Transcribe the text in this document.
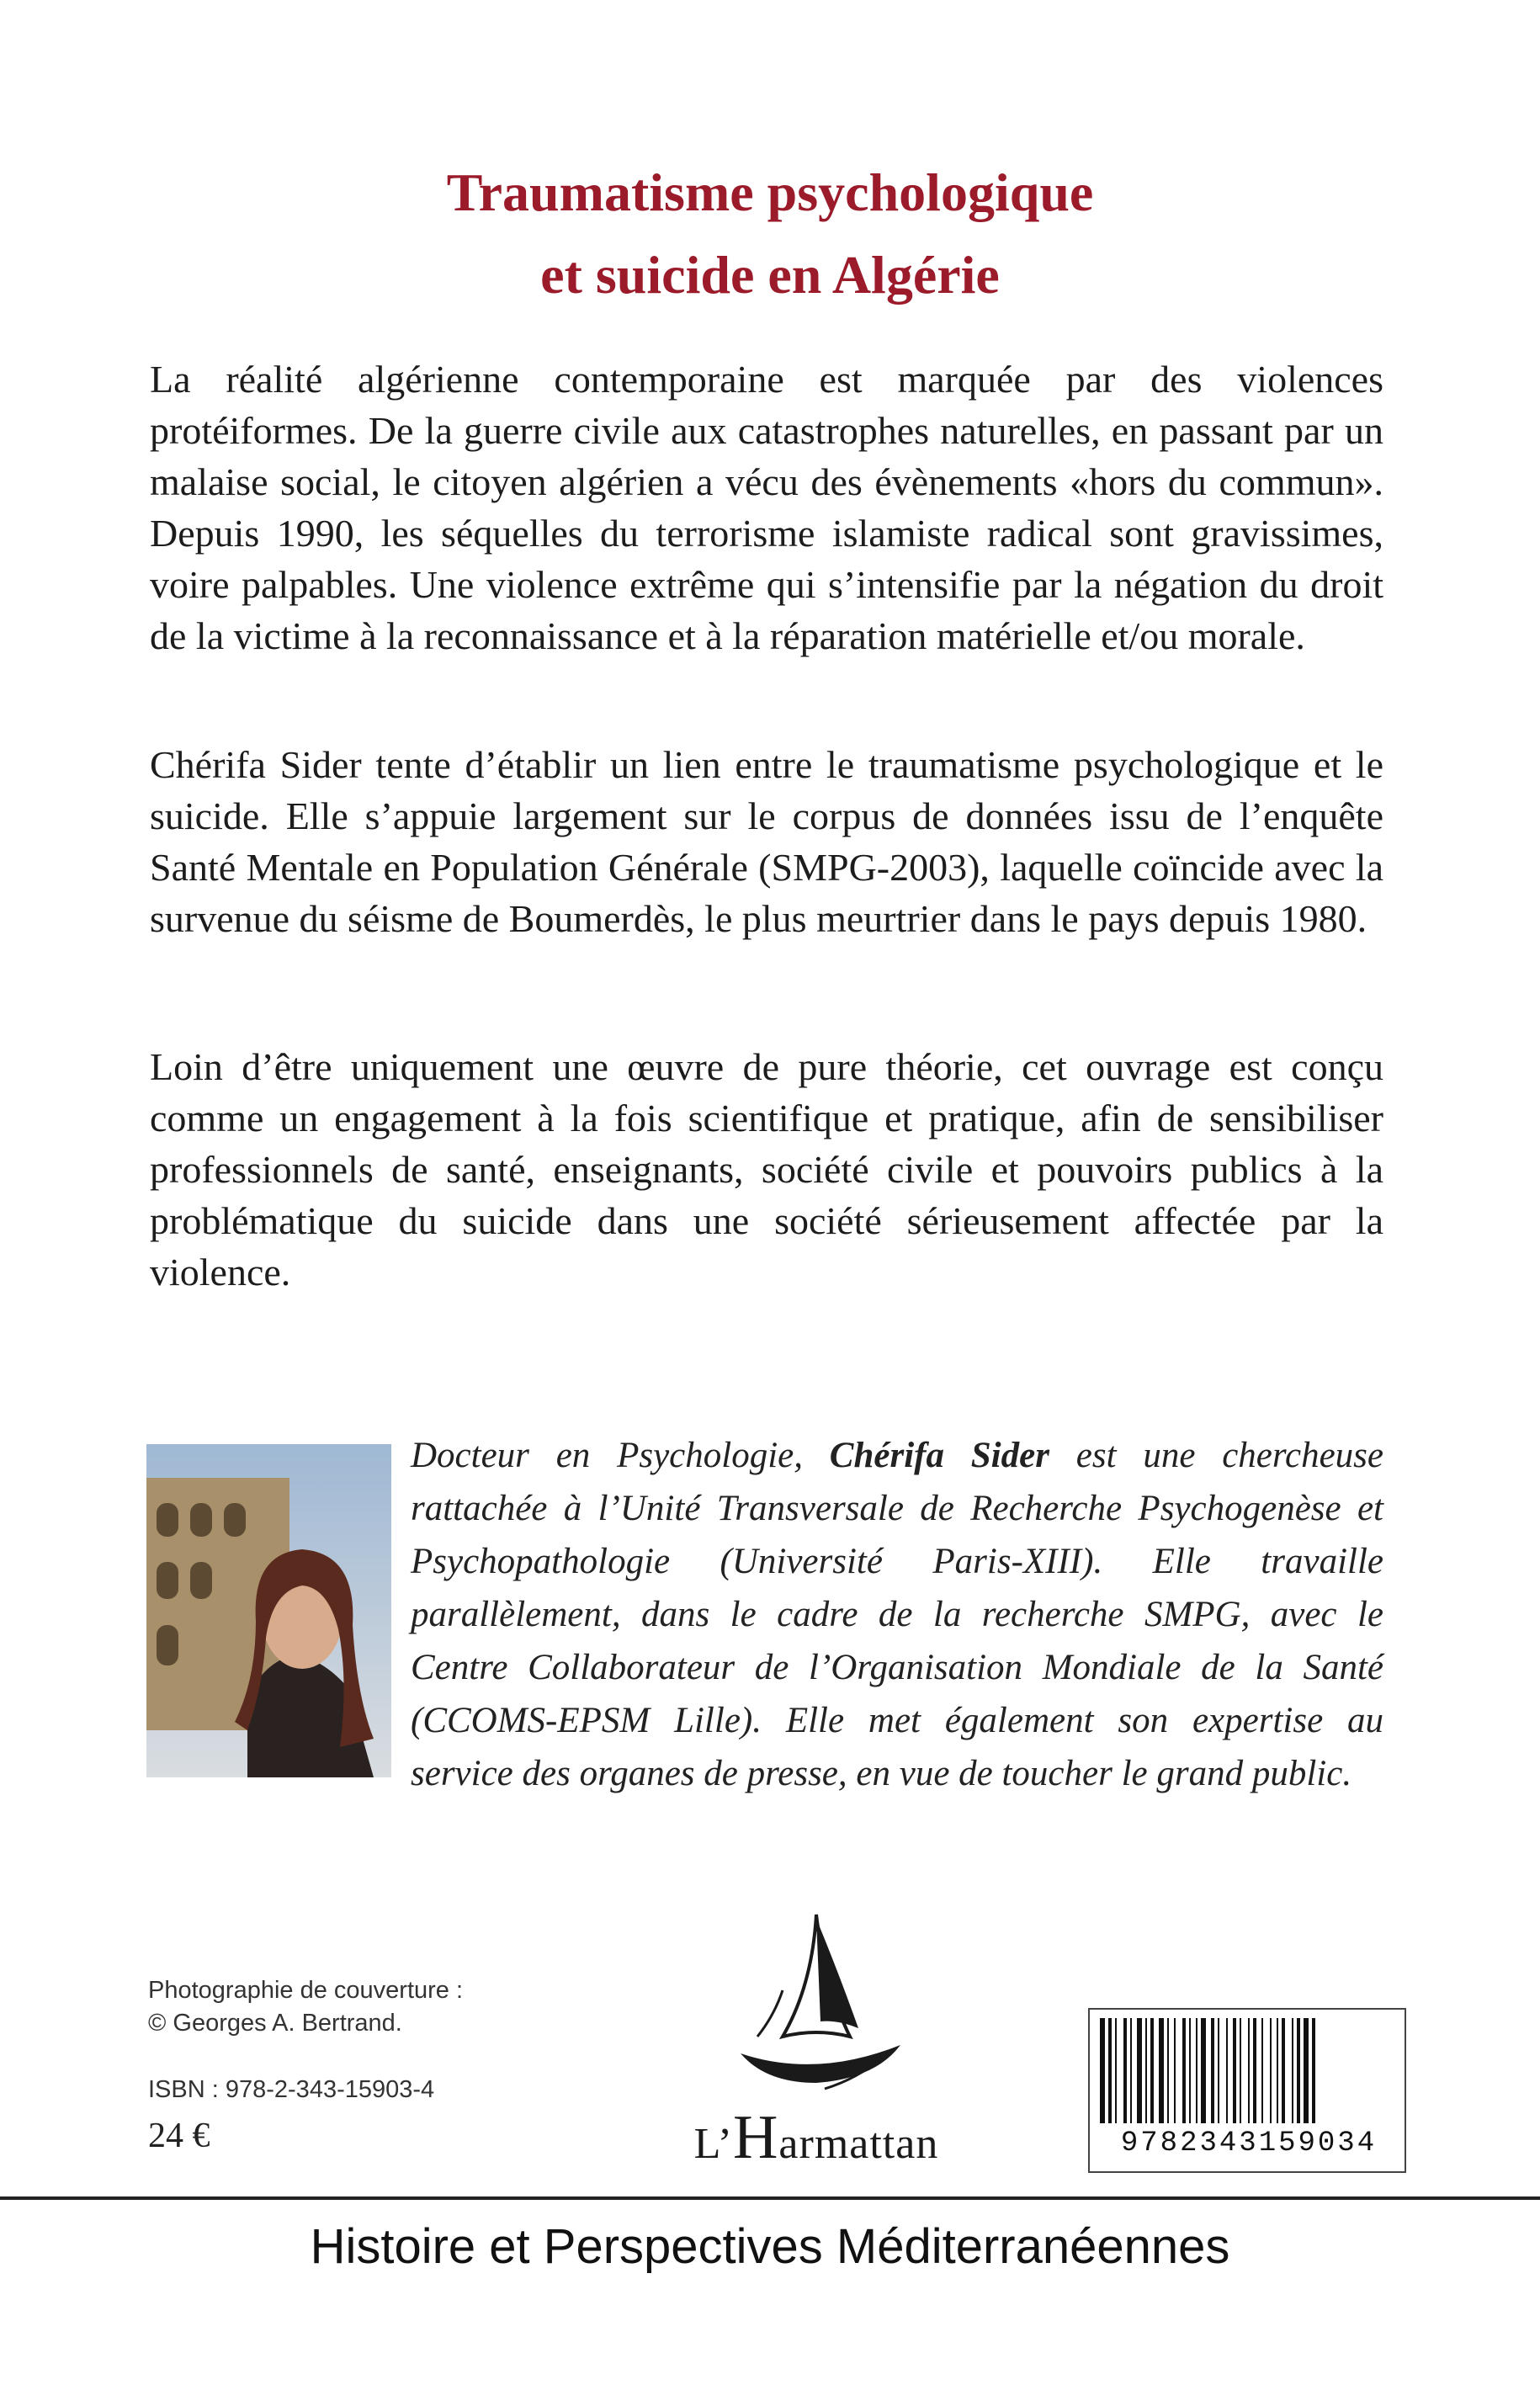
Traumatisme psychologique
et suicide en Algérie

La réalité algérienne contemporaine est marquée par des violences protéiformes. De la guerre civile aux catastrophes naturelles, en passant par un malaise social, le citoyen algérien a vécu des évènements «hors du commun». Depuis 1990, les séquelles du terrorisme islamiste radical sont gravissimes, voire palpables. Une violence extrême qui s’intensifie par la négation du droit de la victime à la reconnaissance et à la réparation matérielle et/ou morale.

Chérifa Sider tente d’établir un lien entre le traumatisme psychologique et le suicide. Elle s’appuie largement sur le corpus de données issu de l’enquête Santé Mentale en Population Générale (SMPG-2003), laquelle coïncide avec la survenue du séisme de Boumerdès, le plus meurtrier dans le pays depuis 1980.

Loin d’être uniquement une œuvre de pure théorie, cet ouvrage est conçu comme un engagement à la fois scientifique et pratique, afin de sensibiliser professionnels de santé, enseignants, société civile et pouvoirs publics à la problématique du suicide dans une société sérieusement affectée par la violence.

Docteur en Psychologie, Chérifa Sider est une chercheuse rattachée à l’Unité Transversale de Recherche Psychogenèse et Psychopathologie (Université Paris-XIII). Elle travaille parallèlement, dans le cadre de la recherche SMPG, avec le Centre Collaborateur de l’Organisation Mondiale de la Santé (CCOMS-EPSM Lille). Elle met également son expertise au service des organes de presse, en vue de toucher le grand public.

Photographie de couverture :
© Georges A. Bertrand.
ISBN : 978-2-343-15903-4
24 €	L’Harmattan	9782343159034
Histoire et Perspectives Méditerranéennes
